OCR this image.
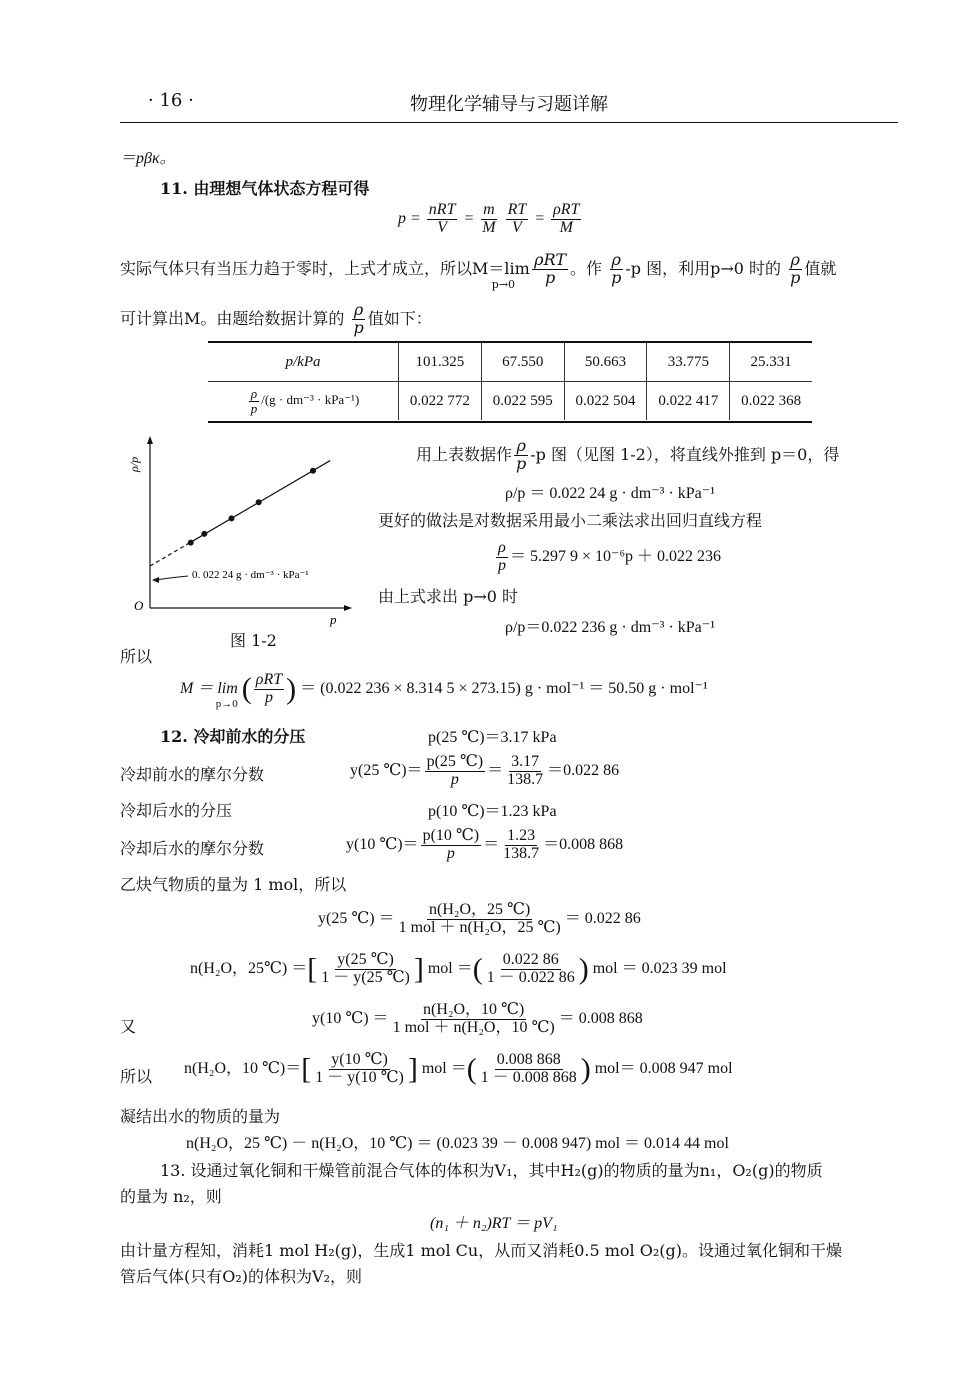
· 16 ·	物理化学辅导与习题详解
＝pβκ。
11. 由理想气体状态方程可得
$p = \frac{\text{nRT}}{V} = \frac{m}{M}$
$\frac{RT}{V} = \frac{\text{ρRT}}{M}$
实际气体只有当压力趋于零时，上式才成立，所以$M=\lim_{p\to 0} \frac{\text{ρRT}}{p}$ 。作 $\frac{\rho}{p} -p$ 图，利用p→0 时的 $\frac{\rho}{p}$ 值就
可计算出M。由题给数据计算的 $\frac{\rho}{p}$ 值如下：
p/kPa	101.325	67.550	50.663	33.775	25.331

$\frac{\rho}{p} /(g \cdot dm^{-3} \cdot kPa^{-1})$	0.022 772	0.022 595	0.022 504	0.022 417	0.022 368
ρ/p
p
O
0. 022 24 g · dm⁻³ · kPa⁻¹
图 1-2
用上表数据作 $\frac{\rho}{p} -p$ 图（见图 1-2），将直线外推到 p＝0，得
ρ/p ＝ 0.022 24 g · dm⁻³ · kPa⁻¹
更好的做法是对数据采用最小二乘法求出回归直线方程
$\frac{\rho}{p} = 5.297$ 9 × 10⁻⁶p ＋ 0.022 236
由上式求出 p→0 时
ρ/p＝0.022 236 g · dm⁻³ · kPa⁻¹
所以
$M = \lim_{p\to 0}$ ( $\frac{\text{ρRT}}{p}$ ) ＝ (0.022 236 × 8.314 5 × 273.15) g · mol⁻¹ ＝ 50.50 g · mol⁻¹
12. 冷却前水的分压	p(25 ℃)＝3.17 kPa
冷却前水的摩尔分数	y(25 ℃)＝ $\frac{p(25 ℃)}{p} = \frac{3.17}{138.7} =0.022$ 86
冷却后水的分压	p(10 ℃)＝1.23 kPa
冷却后水的摩尔分数	y(10 ℃)＝ $\frac{p(10 ℃)}{p} = \frac{1.23}{138.7} =0.008$ 868
乙炔气物质的量为 1 mol，所以
y(25 ℃) ＝ $\frac{\text{n(H₂O，25 ℃)}}{\text{1 mol ＋ n(H₂O，25 ℃)}} = 0.022$ 86
n(H₂O，25℃) ＝[ $\frac{y(25 ℃)}{1 - y(25 ℃)}$ ] mol ＝( $\frac{0.022 86}{1 - 0.022 86}$ ) mol ＝ 0.023 39 mol
又	y(10 ℃) ＝ $\frac{\text{n(H₂O，10 ℃)}}{\text{1 mol ＋ n(H₂O，10 ℃)}} = 0.008$ 868
所以 n(H₂O，10 ℃)＝[ $\frac{y(10 ℃)}{1 - y(10 ℃)}$ ] mol ＝( $\frac{0.008 868}{1 - 0.008 868}$ ) mol＝ 0.008 947 mol
凝结出水的物质的量为
n(H₂O，25 ℃) － n(H₂O，10 ℃) ＝ (0.023 39 － 0.008 947) mol ＝ 0.014 44 mol
13. 设通过氧化铜和干燥管前混合气体的体积为V₁，其中H₂(g)的物质的量为n₁，O₂(g)的物质
的量为 n₂，则
(n₁ ＋ n₂)RT ＝ pV₁
由计量方程知，消耗1 mol H₂(g)，生成1 mol Cu，从而又消耗0.5 mol O₂(g)。设通过氧化铜和干燥
管后气体(只有O₂)的体积为V₂，则
